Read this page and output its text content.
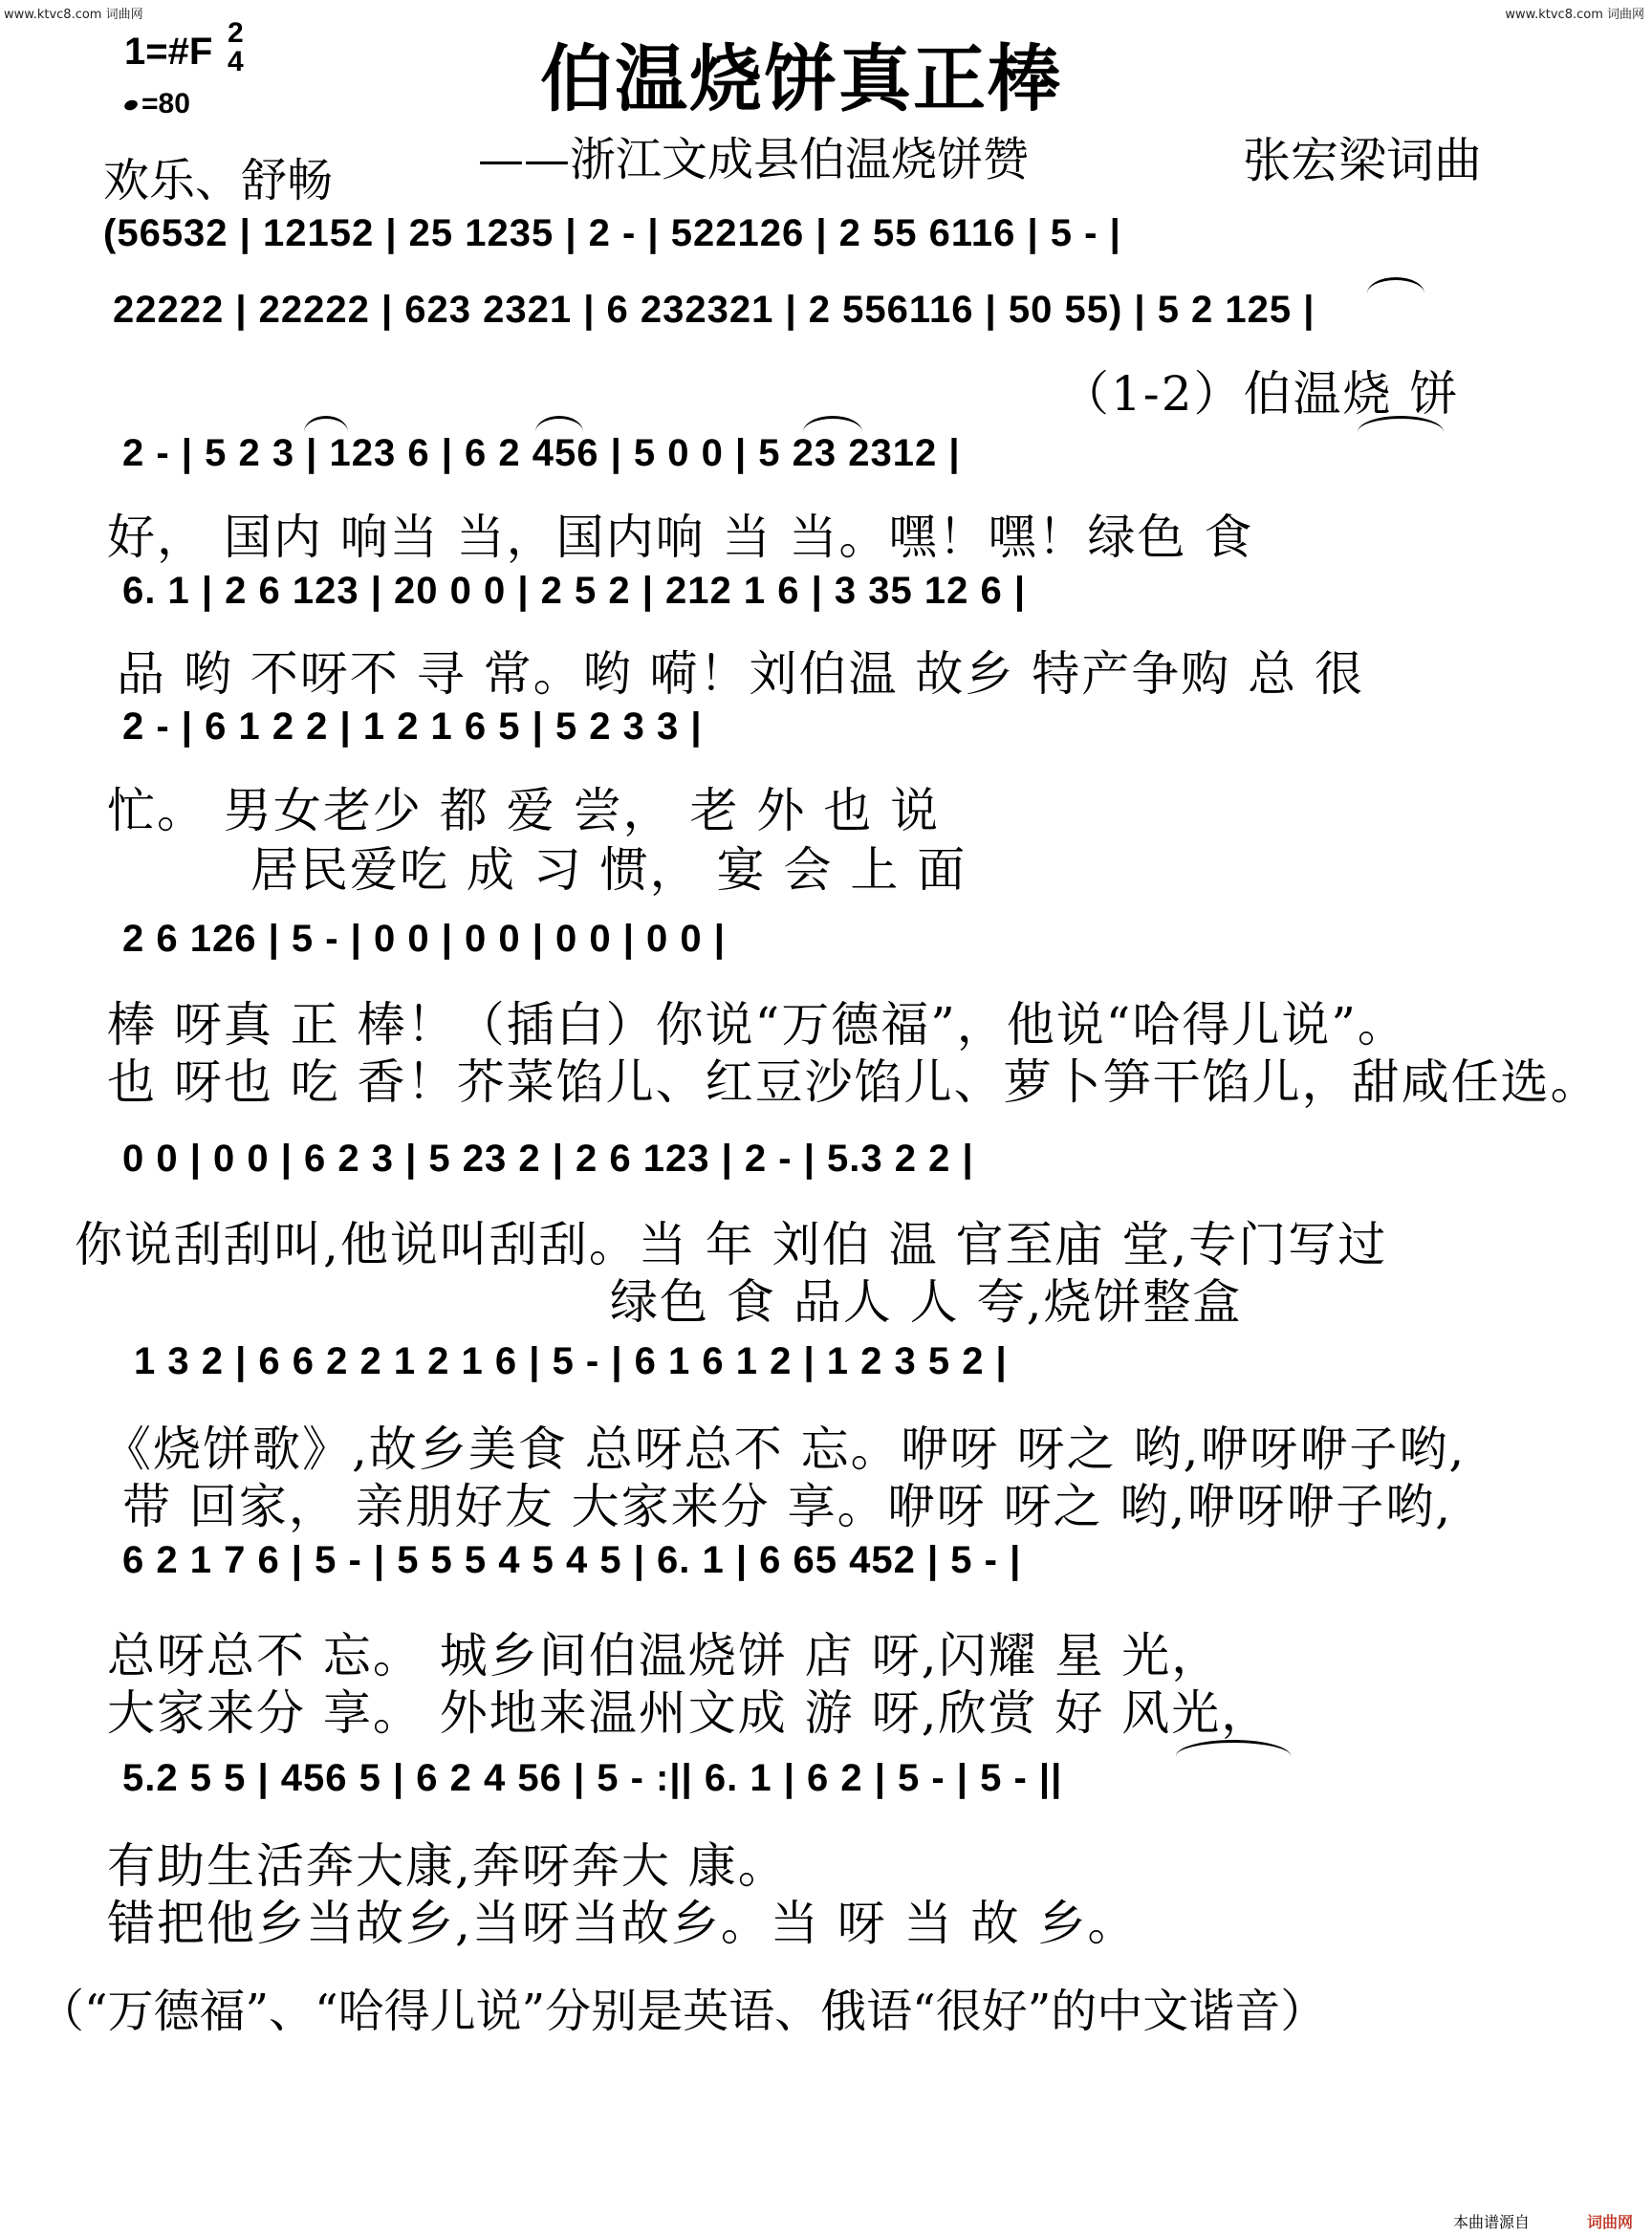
www.ktvc8.com 词曲网	www.ktvc8.com 词曲网
1=#F 2
4
=80	伯温烧饼真正棒
——浙江文成县伯温烧饼赞	张宏梁词曲
欢乐、舒畅
(56532 | 12152 | 25 1235 | 2 - | 522126 | 2 55 6116 | 5 - |
22222 | 22222 | 623 2321 | 6 232321 | 2 556116 | 50 55) | 5 2 125 |
（1-2）伯温烧 饼
2 - | 5 2 3 | 123 6 | 6 2 456 | 5 0 0 | 5 23 2312 |
好， 国内 响当 当，国内响 当 当。嘿！嘿！绿色 食
6. 1 | 2 6 123 | 20 0 0 | 2 5 2 | 212 1 6 | 3 35 12 6 |
品 哟 不呀不 寻 常。哟 嗬！刘伯温 故乡 特产争购 总 很
2 - | 6 1 2 2 | 1 2 1 6 5 | 5 2 3 3 |
忙。 男女老少 都 爱 尝， 老 外 也 说
居民爱吃 成 习 惯， 宴 会 上 面
2 6 126 | 5 - | 0 0 | 0 0 | 0 0 | 0 0 |
棒 呀真 正 棒！（插白）你说“万德福”，他说“哈得儿说”。
也 呀也 吃 香！芥菜馅儿、红豆沙馅儿、萝卜笋干馅儿，甜咸任选。
0 0 | 0 0 | 6 2 3 | 5 23 2 | 2 6 123 | 2 - | 5.3 2 2 |
你说刮刮叫,他说叫刮刮。当 年 刘伯 温 官至庙 堂,专门写过
绿色 食 品人 人 夸,烧饼整盒
1 3 2 | 6 6 2 2 1 2 1 6 | 5 - | 6 1 6 1 2 | 1 2 3 5 2 |
《烧饼歌》,故乡美食 总呀总不 忘。咿呀 呀之 哟,咿呀咿子哟,
带 回家， 亲朋好友 大家来分 享。咿呀 呀之 哟,咿呀咿子哟,
6 2 1 7 6 | 5 - | 5 5 5 4 5 4 5 | 6. 1 | 6 65 452 | 5 - |
总呀总不 忘。 城乡间伯温烧饼 店 呀,闪耀 星 光，
大家来分 享。 外地来温州文成 游 呀,欣赏 好 风光，
5.2 5 5 | 456 5 | 6 2 4 56 | 5 - :|| 6. 1 | 6 2 | 5 - | 5 - ||
有助生活奔大康,奔呀奔大 康。
错把他乡当故乡,当呀当故乡。当 呀 当 故 乡。
（“万德福”、“哈得儿说”分别是英语、俄语“很好”的中文谐音）
本曲谱源自	词曲网
